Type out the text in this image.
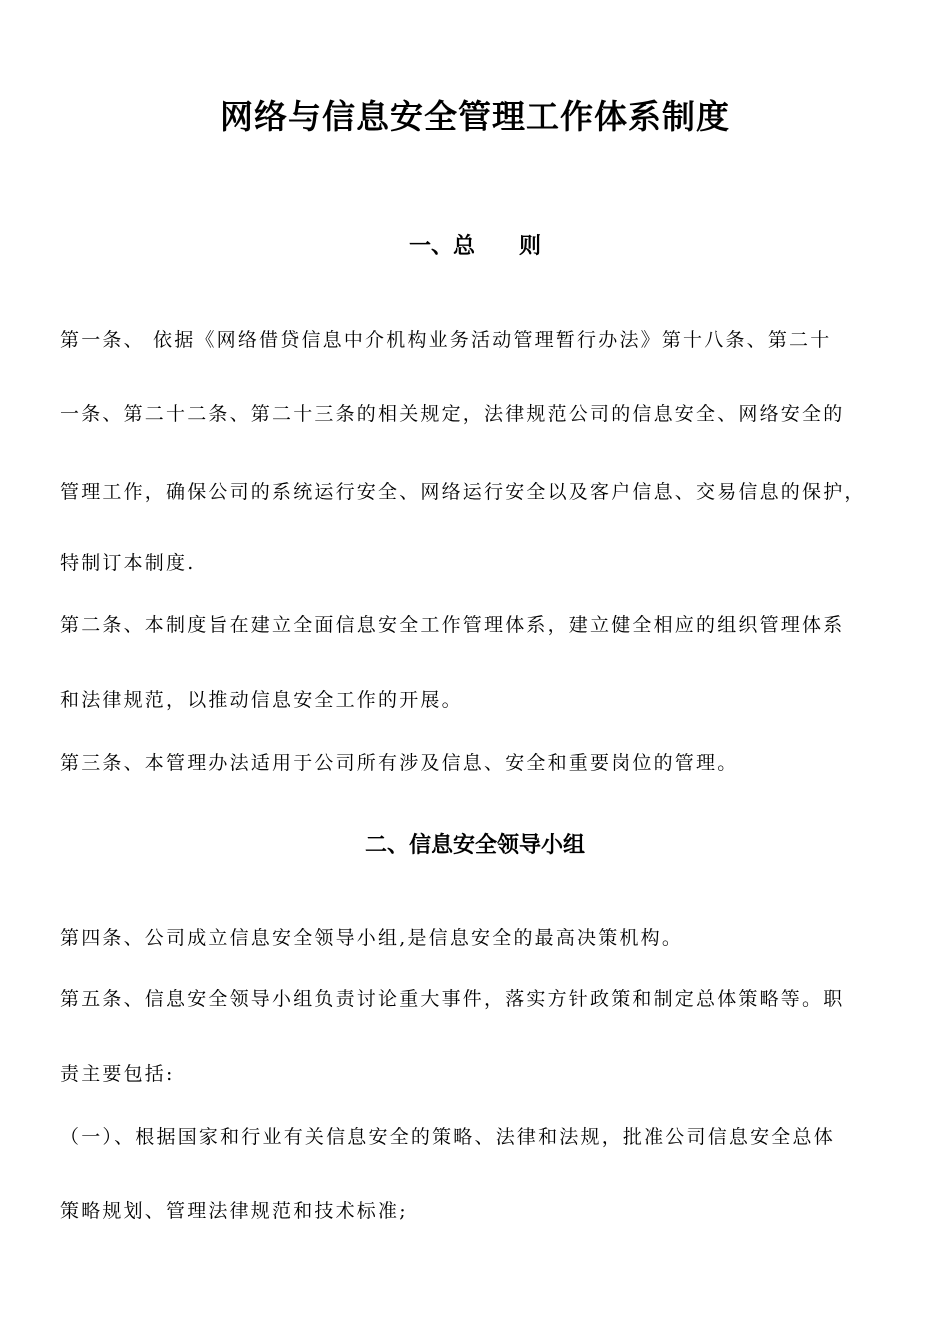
网络与信息安全管理工作体系制度
一、总 则

第一条、 依据《网络借贷信息中介机构业务活动管理暂行办法》第十八条、第二十

一条、第二十二条、第二十三条的相关规定，法律规范公司的信息安全、网络安全的

管理工作，确保公司的系统运行安全、网络运行安全以及客户信息、交易信息的保护，

特制订本制度.

第二条、本制度旨在建立全面信息安全工作管理体系，建立健全相应的组织管理体系

和法律规范，以推动信息安全工作的开展。

第三条、本管理办法适用于公司所有涉及信息、安全和重要岗位的管理。

二、信息安全领导小组

第四条、公司成立信息安全领导小组,是信息安全的最高决策机构。

第五条、信息安全领导小组负责讨论重大事件，落实方针政策和制定总体策略等。职

责主要包括:

（一）、根据国家和行业有关信息安全的策略、法律和法规，批准公司信息安全总体

策略规划、管理法律规范和技术标准;
